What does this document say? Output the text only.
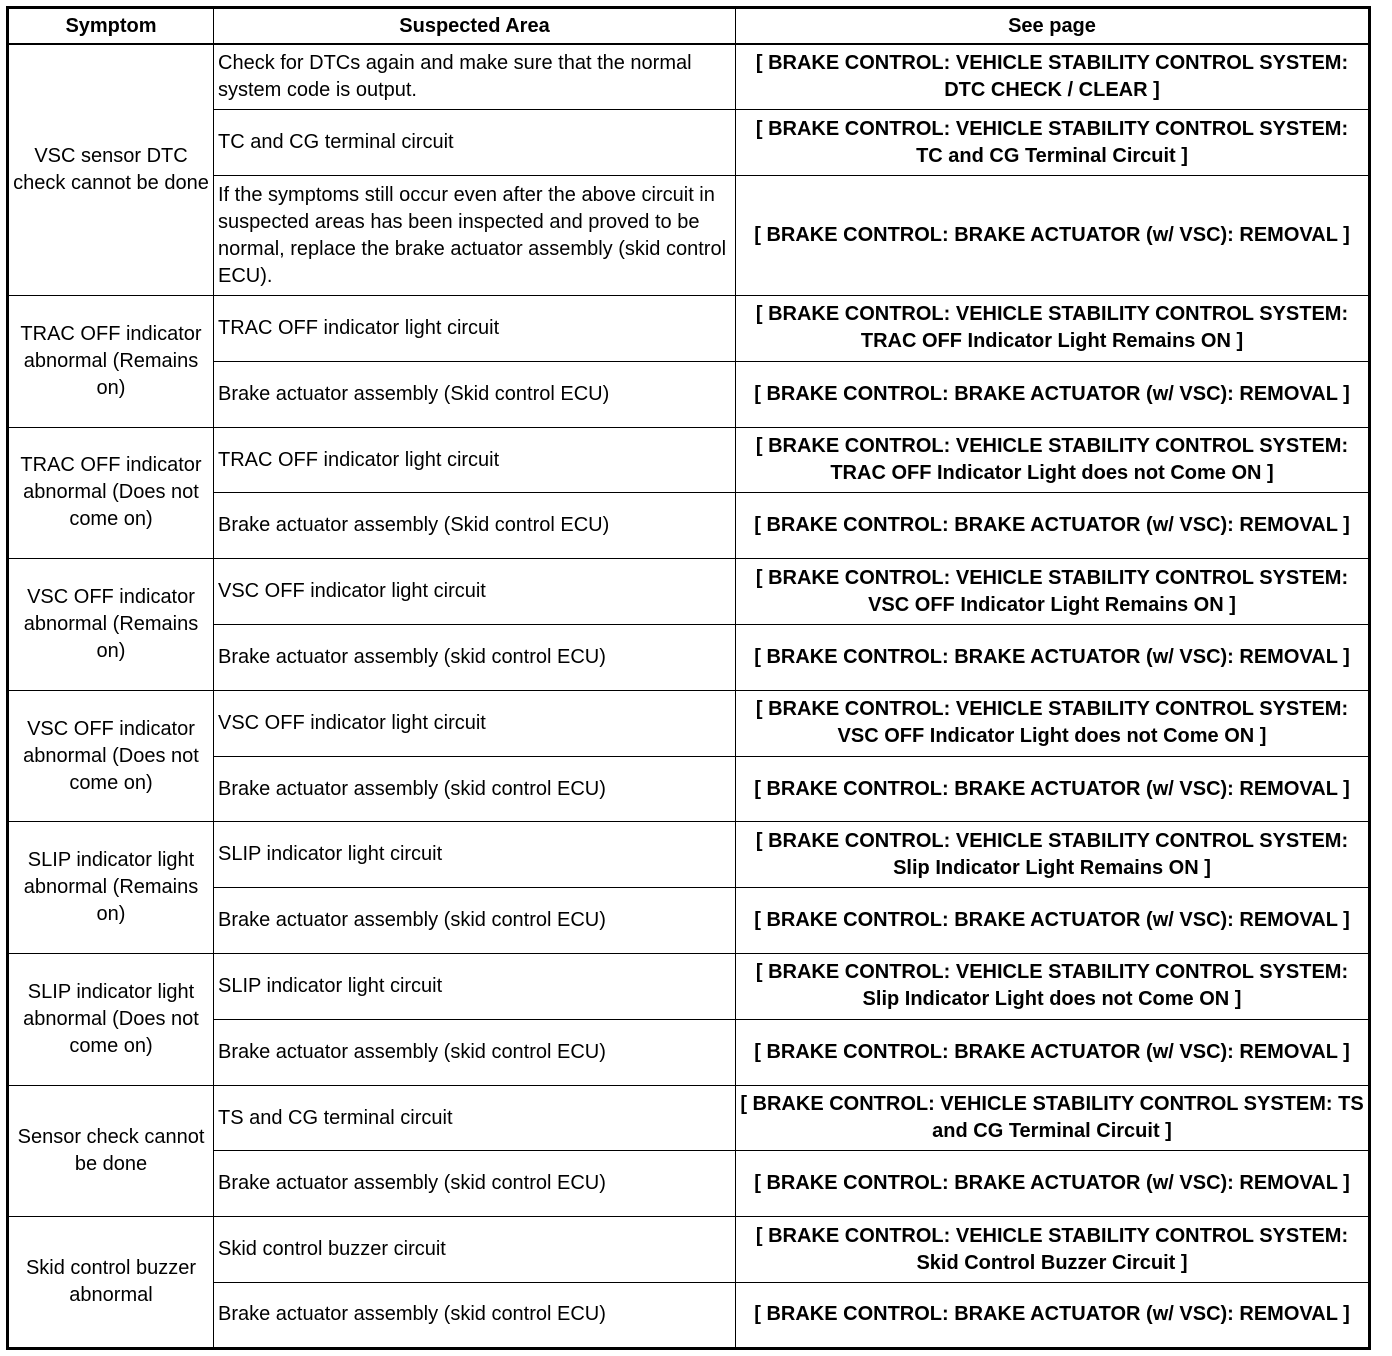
Symptom	Suspected Area	See page
VSC sensor DTC check cannot be done	Check for DTCs again and make sure that the normal system code is output.	[ BRAKE CONTROL: VEHICLE STABILITY CONTROL SYSTEM: DTC CHECK / CLEAR ]
	TC and CG terminal circuit	[ BRAKE CONTROL: VEHICLE STABILITY CONTROL SYSTEM: TC and CG Terminal Circuit ]
	If the symptoms still occur even after the above circuit in suspected areas has been inspected and proved to be normal, replace the brake actuator assembly (skid control ECU).	[ BRAKE CONTROL: BRAKE ACTUATOR (w/ VSC): REMOVAL ]
TRAC OFF indicator abnormal (Remains on)	TRAC OFF indicator light circuit	[ BRAKE CONTROL: VEHICLE STABILITY CONTROL SYSTEM: TRAC OFF Indicator Light Remains ON ]
	Brake actuator assembly (Skid control ECU)	[ BRAKE CONTROL: BRAKE ACTUATOR (w/ VSC): REMOVAL ]
TRAC OFF indicator abnormal (Does not come on)	TRAC OFF indicator light circuit	[ BRAKE CONTROL: VEHICLE STABILITY CONTROL SYSTEM: TRAC OFF Indicator Light does not Come ON ]
	Brake actuator assembly (Skid control ECU)	[ BRAKE CONTROL: BRAKE ACTUATOR (w/ VSC): REMOVAL ]
VSC OFF indicator abnormal (Remains on)	VSC OFF indicator light circuit	[ BRAKE CONTROL: VEHICLE STABILITY CONTROL SYSTEM: VSC OFF Indicator Light Remains ON ]
	Brake actuator assembly (skid control ECU)	[ BRAKE CONTROL: BRAKE ACTUATOR (w/ VSC): REMOVAL ]
VSC OFF indicator abnormal (Does not come on)	VSC OFF indicator light circuit	[ BRAKE CONTROL: VEHICLE STABILITY CONTROL SYSTEM: VSC OFF Indicator Light does not Come ON ]
	Brake actuator assembly (skid control ECU)	[ BRAKE CONTROL: BRAKE ACTUATOR (w/ VSC): REMOVAL ]
SLIP indicator light abnormal (Remains on)	SLIP indicator light circuit	[ BRAKE CONTROL: VEHICLE STABILITY CONTROL SYSTEM: Slip Indicator Light Remains ON ]
	Brake actuator assembly (skid control ECU)	[ BRAKE CONTROL: BRAKE ACTUATOR (w/ VSC): REMOVAL ]
SLIP indicator light abnormal (Does not come on)	SLIP indicator light circuit	[ BRAKE CONTROL: VEHICLE STABILITY CONTROL SYSTEM: Slip Indicator Light does not Come ON ]
	Brake actuator assembly (skid control ECU)	[ BRAKE CONTROL: BRAKE ACTUATOR (w/ VSC): REMOVAL ]
Sensor check cannot be done	TS and CG terminal circuit	[ BRAKE CONTROL: VEHICLE STABILITY CONTROL SYSTEM: TS and CG Terminal Circuit ]
	Brake actuator assembly (skid control ECU)	[ BRAKE CONTROL: BRAKE ACTUATOR (w/ VSC): REMOVAL ]
Skid control buzzer abnormal	Skid control buzzer circuit	[ BRAKE CONTROL: VEHICLE STABILITY CONTROL SYSTEM: Skid Control Buzzer Circuit ]
	Brake actuator assembly (skid control ECU)	[ BRAKE CONTROL: BRAKE ACTUATOR (w/ VSC): REMOVAL ]
